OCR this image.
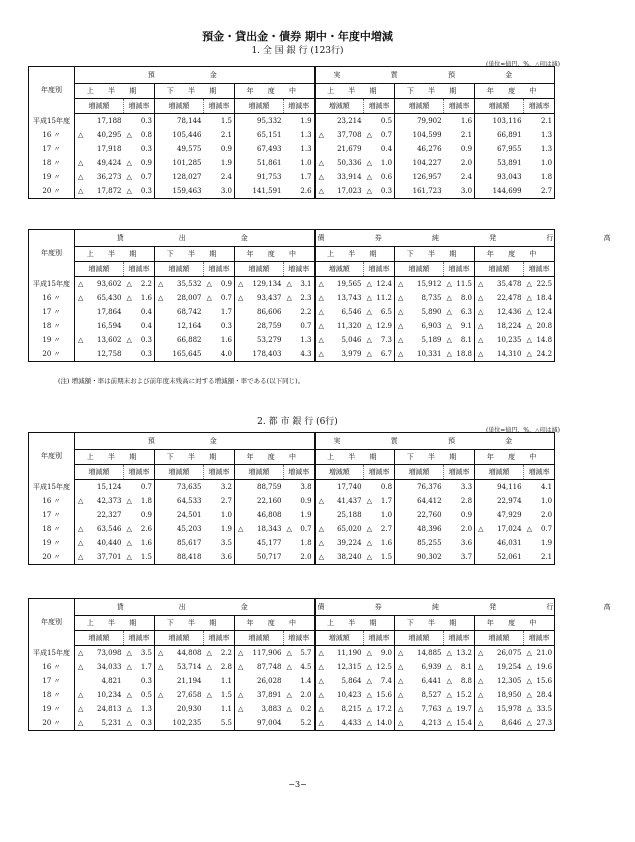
預金・貸出金・債券 期中・年度中増減
1. 全 国 銀 行 (123行)
(単位=億円、%、△印は減)
年度別	預　金												実 質 預 金											
	上 半 期				下 半 期				年 度 中				上 半 期				下 半 期				年 度 中			
	増減額		増減率		増減額		増減率		増減額		増減率		増減額		増減率		増減額		増減率		増減額		増減率	
平成15年度		17,188		0.3		78,144		1.5		95,332		1.9		23,214		0.5		79,902		1.6		103,116		2.1
16 〃	△	40,295	△	0.8		105,446		2.1		65,151		1.3	△	37,708	△	0.7		104,599		2.1		66,891		1.3
17 〃		17,918		0.3		49,575		0.9		67,493		1.3		21,679		0.4		46,276		0.9		67,955		1.3
18 〃	△	49,424	△	0.9		101,285		1.9		51,861		1.0	△	50,336	△	1.0		104,227		2.0		53,891		1.0
19 〃	△	36,273	△	0.7		128,027		2.4		91,753		1.7	△	33,914	△	0.6		126,957		2.4		93,043		1.8
20 〃	△	17,872	△	0.3		159,463		3.0		141,591		2.6	△	17,023	△	0.3		161,723		3.0		144,699		2.7
年度別	貸　出　金												債 券 純 発 行 高											
	上 半 期				下 半 期				年 度 中				上 半 期				下 半 期				年 度 中			
	増減額		増減率		増減額		増減率		増減額		増減率		増減額		増減率		増減額		増減率		増減額		増減率	
平成15年度	△	93,602	△	2.2	△	35,532	△	0.9	△	129,134	△	3.1	△	19,565	△	12.4	△	15,912	△	11.5	△	35,478	△	22.5
16 〃	△	65,430	△	1.6	△	28,007	△	0.7	△	93,437	△	2.3	△	13,743	△	11.2	△	8,735	△	8.0	△	22,478	△	18.4
17 〃		17,864		0.4		68,742		1.7		86,606		2.2	△	6,546	△	6.5	△	5,890	△	6.3	△	12,436	△	12.4
18 〃		16,594		0.4		12,164		0.3		28,759		0.7	△	11,320	△	12.9	△	6,903	△	9.1	△	18,224	△	20.8
19 〃	△	13,602	△	0.3		66,882		1.6		53,279		1.3	△	5,046	△	7.3	△	5,189	△	8.1	△	10,235	△	14.8
20 〃		12,758		0.3		165,645		4.0		178,403		4.3	△	3,979	△	6.7	△	10,331	△	18.8	△	14,310	△	24.2
(注) 増減額・率は前期末および前年度末残高に対する増減額・率である(以下同じ)。
2. 都 市 銀 行 (6行)
(単位=億円、%、△印は減)
年度別	預　金												実 質 預 金											
	上 半 期				下 半 期				年 度 中				上 半 期				下 半 期				年 度 中			
	増減額		増減率		増減額		増減率		増減額		増減率		増減額		増減率		増減額		増減率		増減額		増減率	
平成15年度		15,124		0.7		73,635		3.2		88,759		3.8		17,740		0.8		76,376		3.3		94,116		4.1
16 〃	△	42,373	△	1.8		64,533		2.7		22,160		0.9	△	41,437	△	1.7		64,412		2.8		22,974		1.0
17 〃		22,327		0.9		24,501		1.0		46,808		1.9		25,188		1.0		22,760		0.9		47,929		2.0
18 〃	△	63,546	△	2.6		45,203		1.9	△	18,343	△	0.7	△	65,020	△	2.7		48,396		2.0	△	17,024	△	0.7
19 〃	△	40,440	△	1.6		85,617		3.5		45,177		1.8	△	39,224	△	1.6		85,255		3.6		46,031		1.9
20 〃	△	37,701	△	1.5		88,418		3.6		50,717		2.0	△	38,240	△	1.5		90,302		3.7		52,061		2.1
年度別	貸　出　金												債 券 純 発 行 高											
	上 半 期				下 半 期				年 度 中				上 半 期				下 半 期				年 度 中			
	増減額		増減率		増減額		増減率		増減額		増減率		増減額		増減率		増減額		増減率		増減額		増減率	
平成15年度	△	73,098	△	3.5	△	44,808	△	2.2	△	117,906	△	5.7	△	11,190	△	9.0	△	14,885	△	13.2	△	26,075	△	21.0
16 〃	△	34,033	△	1.7	△	53,714	△	2.8	△	87,748	△	4.5	△	12,315	△	12.5	△	6,939	△	8.1	△	19,254	△	19.6
17 〃		4,821		0.3		21,194		1.1		26,028		1.4	△	5,864	△	7.4	△	6,441	△	8.8	△	12,305	△	15.6
18 〃	△	10,234	△	0.5	△	27,658	△	1.5	△	37,891	△	2.0	△	10,423	△	15.6	△	8,527	△	15.2	△	18,950	△	28.4
19 〃	△	24,813	△	1.3		20,930		1.1	△	3,883	△	0.2	△	8,215	△	17.2	△	7,763	△	19.7	△	15,978	△	33.5
20 〃	△	5,231	△	0.3		102,235		5.5		97,004		5.2	△	4,433	△	14.0	△	4,213	△	15.4	△	8,646	△	27.3
−3−
